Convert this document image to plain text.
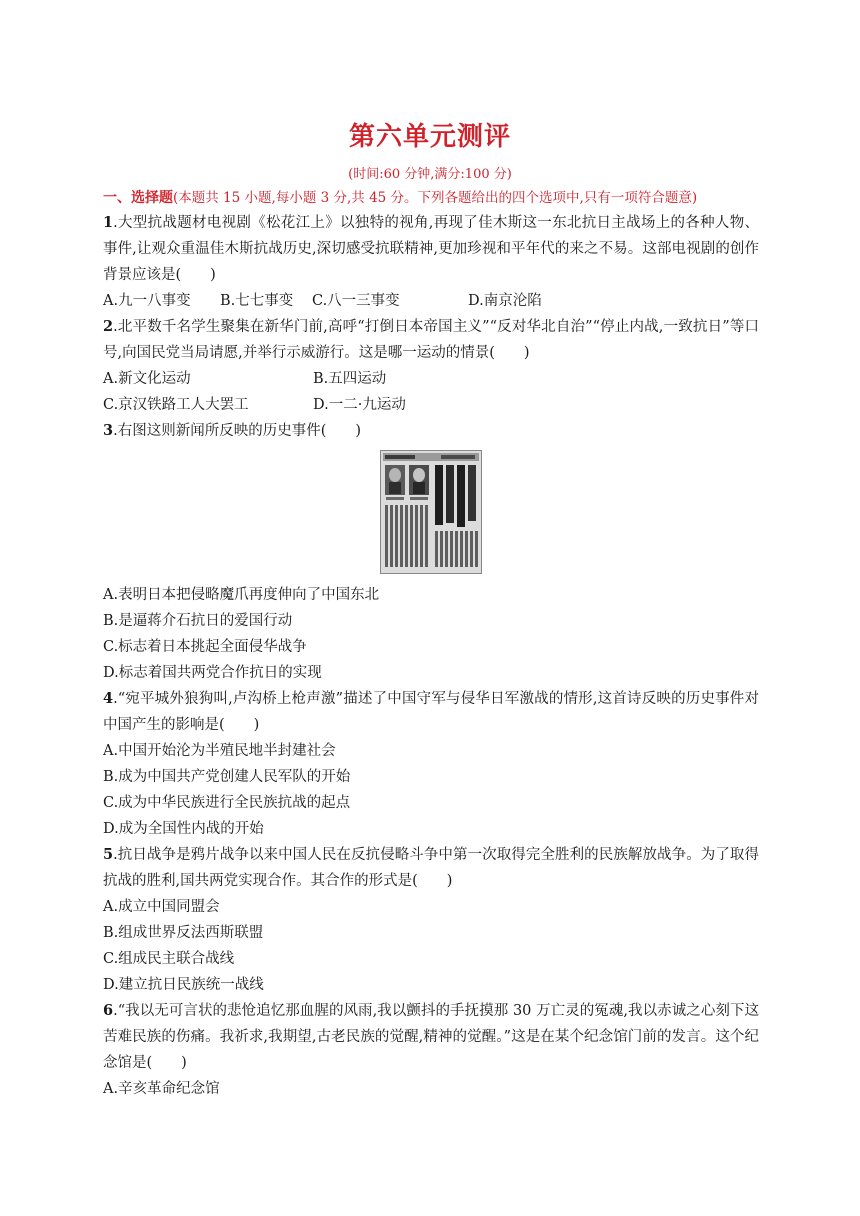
第六单元测评
(时间:60 分钟,满分:100 分)
一、选择题(本题共 15 小题,每小题 3 分,共 45 分。下列各题给出的四个选项中,只有一项符合题意)
1.大型抗战题材电视剧《松花江上》以独特的视角,再现了佳木斯这一东北抗日主战场上的各种人物、事件,让观众重温佳木斯抗战历史,深切感受抗联精神,更加珍视和平年代的来之不易。这部电视剧的创作背景应该是(　　)
A.九一八事变	B.七七事变	C.八一三事变	D.南京沦陷
2.北平数千名学生聚集在新华门前,高呼“打倒日本帝国主义”“反对华北自治”“停止内战,一致抗日”等口号,向国民党当局请愿,并举行示威游行。这是哪一运动的情景(　　)
A.新文化运动	B.五四运动
C.京汉铁路工人大罢工	D.一二·九运动
3.右图这则新闻所反映的历史事件(　　)
A.表明日本把侵略魔爪再度伸向了中国东北
B.是逼蒋介石抗日的爱国行动
C.标志着日本挑起全面侵华战争
D.标志着国共两党合作抗日的实现
4.“宛平城外狼狗叫,卢沟桥上枪声激”描述了中国守军与侵华日军激战的情形,这首诗反映的历史事件对中国产生的影响是(　　)
A.中国开始沦为半殖民地半封建社会
B.成为中国共产党创建人民军队的开始
C.成为中华民族进行全民族抗战的起点
D.成为全国性内战的开始
5.抗日战争是鸦片战争以来中国人民在反抗侵略斗争中第一次取得完全胜利的民族解放战争。为了取得抗战的胜利,国共两党实现合作。其合作的形式是(　　)
A.成立中国同盟会
B.组成世界反法西斯联盟
C.组成民主联合战线
D.建立抗日民族统一战线
6.“我以无可言状的悲怆追忆那血腥的风雨,我以颤抖的手抚摸那 30 万亡灵的冤魂,我以赤诚之心刻下这苦难民族的伤痛。我祈求,我期望,古老民族的觉醒,精神的觉醒。”这是在某个纪念馆门前的发言。这个纪念馆是(　　)
A.辛亥革命纪念馆
